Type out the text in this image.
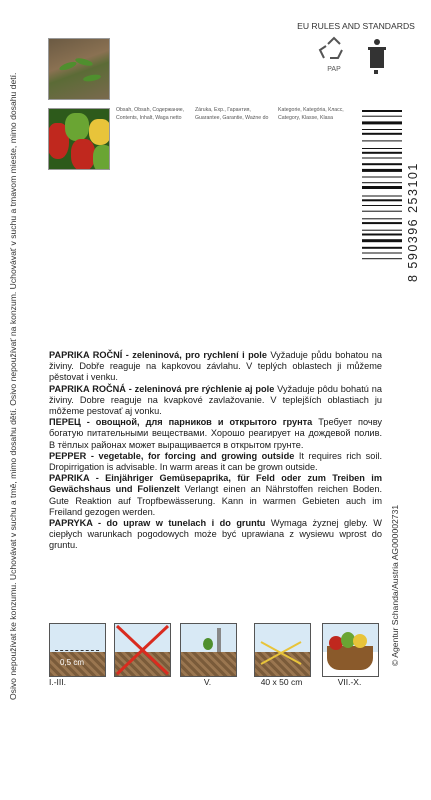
Osivo nepoužívat ke konzumu. Uchovávat v suchu a tmě, mimo dosahu dětí. Osivo nepoužívať na konzum. Uchovávať v suchu a tmavom mieste, mimo dosahu detí.	Obsah, Obsah, Содержание,
Contents, Inhalt, Wagа netto
Záruka, Exp., Гарантия,
Guarantee, Garantie, Ważne do
Kategorie, Kategória, Класс,
Category, Klasse, Klasa
EU RULES AND STANDARDS
PAP
8 590396 253101

PAPRIKA ROČNÍ - zeleninová, pro rychlení i pole Vyžaduje půdu bohatou na živiny. Dobře reaguje na kapkovou závlahu. V teplých oblastech ji můžeme pěstovat i venku.

PAPRIKA ROČNÁ - zeleninová pre rýchlenie aj pole Vyžaduje pôdu bohatú na živiny. Dobre reaguje na kvapkové zavlažovanie. V teplejších oblastiach ju môžeme pestovať aj vonku.

ПЕРЕЦ - овощной, для парников и открытого грунта Требует почву богатую питательными веществами. Хорошо реагирует на дождевой полив. В тёплых районах может выращивается в открытом грунте.

PEPPER - vegetable, for forcing and growing outside It requires rich soil. Dropirrigation is advisable. In warm areas it can be grown outside.

PAPRIKA - Einjähriger Gemüsepaprika, für Feld oder zum Treiben im Gewächshaus und Folienzelt Verlangt einen an Nährstoffen reichen Boden. Gute Reaktion auf Tropfbewässerung. Kann in warmen Gebieten auch im Freiland gezogen werden.

PAPRYKA - do upraw w tunelach i do gruntu Wymaga żyznej gleby. W ciepłych warunkach pogodowych może być uprawiana z wysiewu wprost do gruntu.	© Agentur Schanda/Austria AG000002731
0,5 cm
I.-III.	V.	40 x 50 cm	VII.-X.
